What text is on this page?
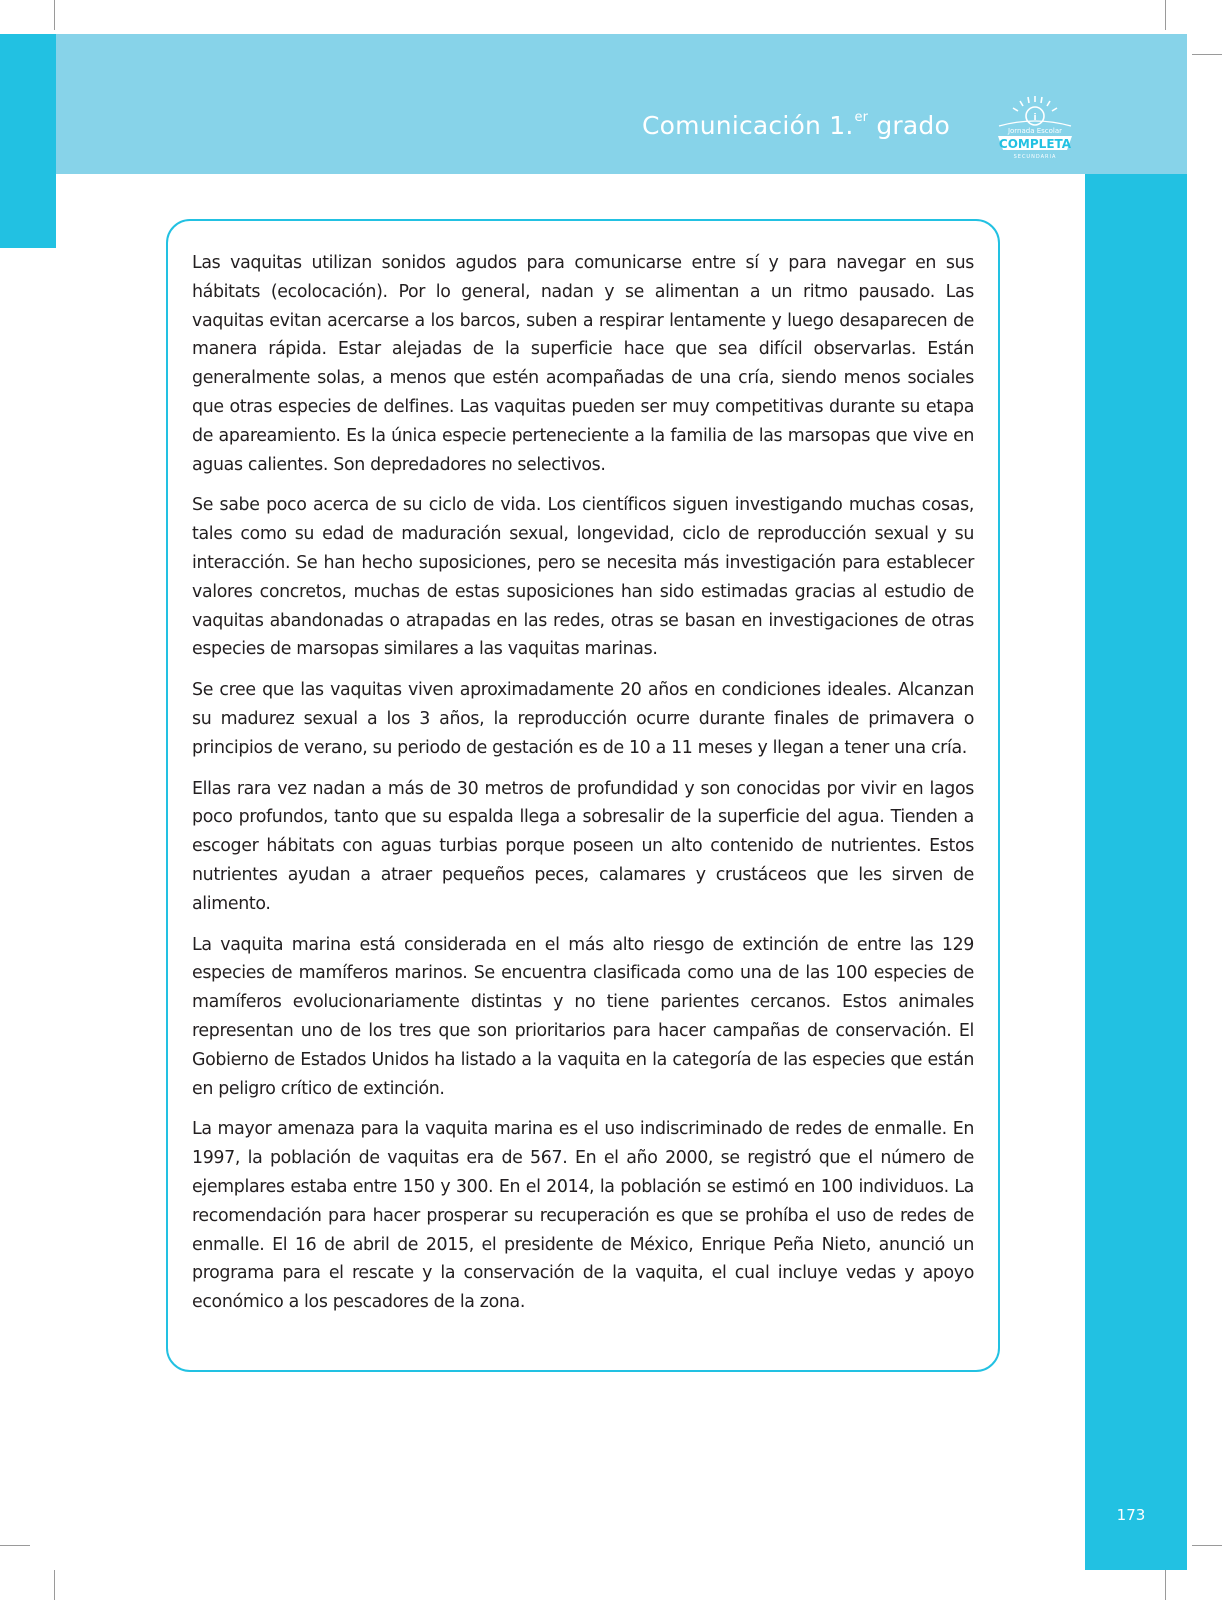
Comunicación 1.$^{er}$ grado	i
Jornada Escolar
COMPLETA
SECUNDARIA

Las vaquitas utilizan sonidos agudos para comunicarse entre sí y para navegar en sus hábitats (ecolocación). Por lo general, nadan y se alimentan a un ritmo pausado. Las vaquitas evitan acercarse a los barcos, suben a respirar lentamente y luego desaparecen de manera rápida. Estar alejadas de la superficie hace que sea difícil observarlas. Están generalmente solas, a menos que estén acompañadas de una cría, siendo menos sociales que otras especies de delfines. Las vaquitas pueden ser muy competitivas durante su etapa de apareamiento. Es la única especie perteneciente a la familia de las marsopas que vive en aguas calientes. Son depredadores no selectivos.

Se sabe poco acerca de su ciclo de vida. Los científicos siguen investigando muchas cosas, tales como su edad de maduración sexual, longevidad, ciclo de reproducción sexual y su interacción. Se han hecho suposiciones, pero se necesita más investigación para establecer valores concretos, muchas de estas suposiciones han sido estimadas gracias al estudio de vaquitas abandonadas o atrapadas en las redes, otras se basan en investigaciones de otras especies de marsopas similares a las vaquitas marinas.

Se cree que las vaquitas viven aproximadamente 20 años en condiciones ideales. Alcanzan su madurez sexual a los 3 años, la reproducción ocurre durante finales de primavera o principios de verano, su periodo de gestación es de 10 a 11 meses y llegan a tener una cría.

Ellas rara vez nadan a más de 30 metros de profundidad y son conocidas por vivir en lagos poco profundos, tanto que su espalda llega a sobresalir de la superficie del agua. Tienden a escoger hábitats con aguas turbias porque poseen un alto contenido de nutrientes. Estos nutrientes ayudan a atraer pequeños peces, calamares y crustáceos que les sirven de alimento.

La vaquita marina está considerada en el más alto riesgo de extinción de entre las 129 especies de mamíferos marinos. Se encuentra clasificada como una de las 100 especies de mamíferos evolucionariamente distintas y no tiene parientes cercanos. Estos animales representan uno de los tres que son prioritarios para hacer campañas de conservación. El Gobierno de Estados Unidos ha listado a la vaquita en la categoría de las especies que están en peligro crítico de extinción.

La mayor amenaza para la vaquita marina es el uso indiscriminado de redes de enmalle. En 1997, la población de vaquitas era de 567. En el año 2000, se registró que el número de ejemplares estaba entre 150 y 300. En el 2014, la población se estimó en 100 individuos. La recomendación para hacer prosperar su recuperación es que se prohíba el uso de redes de enmalle. El 16 de abril de 2015, el presidente de México, Enrique Peña Nieto, anunció un programa para el rescate y la conservación de la vaquita, el cual incluye vedas y apoyo económico a los pescadores de la zona.

173
